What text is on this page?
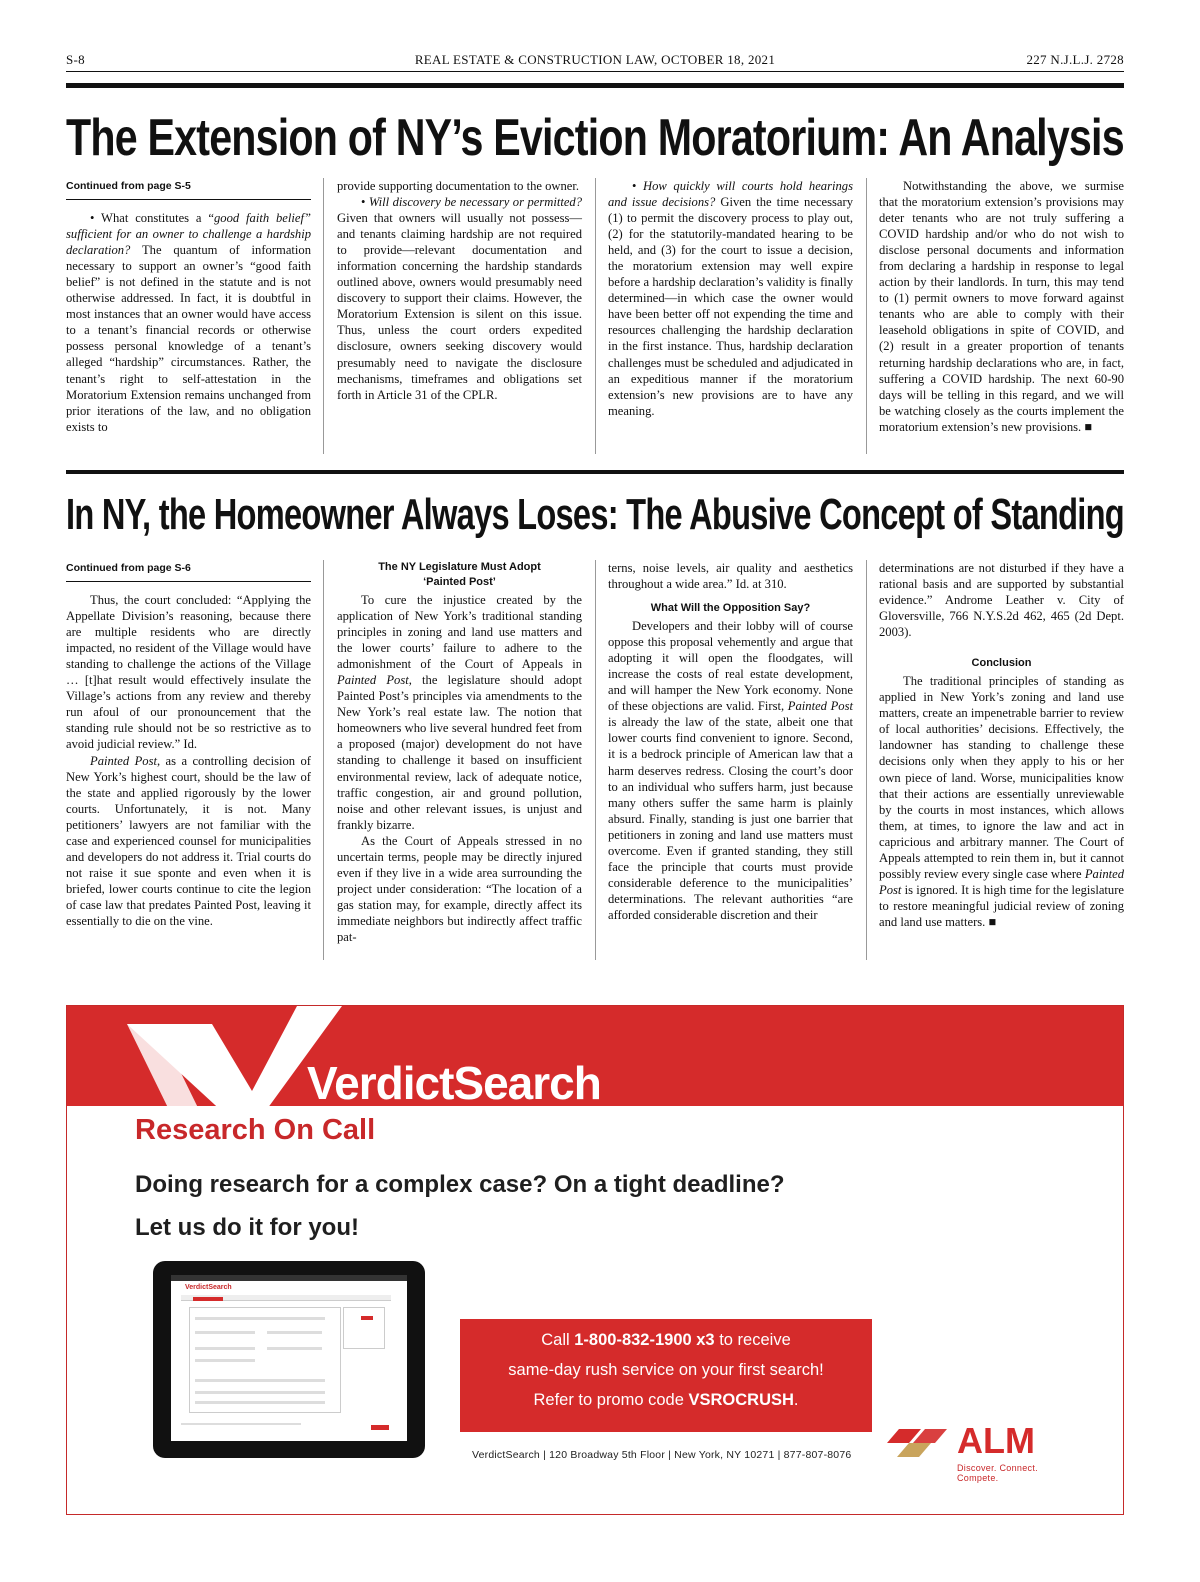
S-8	REAL ESTATE & CONSTRUCTION LAW, OCTOBER 18, 2021	227 N.J.L.J. 2728
The Extension of NY’s Eviction Moratorium: An Analysis
Continued from page S-5

• What constitutes a “good faith belief” sufficient for an owner to challenge a hardship declaration? The quantum of information necessary to support an owner’s “good faith belief” is not defined in the statute and is not otherwise addressed. In fact, it is doubtful in most instances that an owner would have access to a tenant’s financial records or otherwise possess personal knowledge of a tenant’s alleged “hardship” circumstances. Rather, the tenant’s right to self-attestation in the Moratorium Extension remains unchanged from prior iterations of the law, and no obligation exists to

provide supporting documentation to the owner.

• Will discovery be necessary or permitted? Given that owners will usually not possess—and tenants claiming hardship are not required to provide—relevant documentation and information concerning the hardship standards outlined above, owners would presumably need discovery to support their claims. However, the Moratorium Extension is silent on this issue. Thus, unless the court orders expedited disclosure, owners seeking discovery would presumably need to navigate the disclosure mechanisms, timeframes and obligations set forth in Article 31 of the CPLR.

• How quickly will courts hold hearings and issue decisions? Given the time necessary (1) to permit the discovery process to play out, (2) for the statutorily-mandated hearing to be held, and (3) for the court to issue a decision, the moratorium extension may well expire before a hardship declaration’s validity is finally determined—in which case the owner would have been better off not expending the time and resources challenging the hardship declaration in the first instance. Thus, hardship declaration challenges must be scheduled and adjudicated in an expeditious manner if the moratorium extension’s new provisions are to have any meaning.

Notwithstanding the above, we surmise that the moratorium extension’s provisions may deter tenants who are not truly suffering a COVID hardship and/or who do not wish to disclose personal documents and information from declaring a hardship in response to legal action by their landlords. In turn, this may tend to (1) permit owners to move forward against tenants who are able to comply with their leasehold obligations in spite of COVID, and (2) result in a greater proportion of tenants returning hardship declarations who are, in fact, suffering a COVID hardship. The next 60-90 days will be telling in this regard, and we will be watching closely as the courts implement the moratorium extension’s new provisions. ■

In NY, the Homeowner Always Loses: The Abusive Concept of Standing
Continued from page S-6

Thus, the court concluded: “Applying the Appellate Division’s reasoning, because there are multiple residents who are directly impacted, no resident of the Village would have standing to challenge the actions of the Village … [t]hat result would effectively insulate the Village’s actions from any review and thereby run afoul of our pronouncement that the standing rule should not be so restrictive as to avoid judicial review.” Id.

Painted Post, as a controlling decision of New York’s highest court, should be the law of the state and applied rigorously by the lower courts. Unfortunately, it is not. Many petitioners’ lawyers are not familiar with the case and experienced counsel for municipalities and developers do not address it. Trial courts do not raise it sue sponte and even when it is briefed, lower courts continue to cite the legion of case law that predates Painted Post, leaving it essentially to die on the vine.

The NY Legislature Must Adopt ‘Painted Post’

To cure the injustice created by the application of New York’s traditional standing principles in zoning and land use matters and the lower courts’ failure to adhere to the admonishment of the Court of Appeals in Painted Post, the legislature should adopt Painted Post’s principles via amendments to the New York’s real estate law. The notion that homeowners who live several hundred feet from a proposed (major) development do not have standing to challenge it based on insufficient environmental review, lack of adequate notice, traffic congestion, air and ground pollution, noise and other relevant issues, is unjust and frankly bizarre.

As the Court of Appeals stressed in no uncertain terms, people may be directly injured even if they live in a wide area surrounding the project under consideration: “The location of a gas station may, for example, directly affect its immediate neighbors but indirectly affect traffic pat-

terns, noise levels, air quality and aesthetics throughout a wide area.” Id. at 310.

What Will the Opposition Say?

Developers and their lobby will of course oppose this proposal vehemently and argue that adopting it will open the floodgates, will increase the costs of real estate development, and will hamper the New York economy. None of these objections are valid. First, Painted Post is already the law of the state, albeit one that lower courts find convenient to ignore. Second, it is a bedrock principle of American law that a harm deserves redress. Closing the court’s door to an individual who suffers harm, just because many others suffer the same harm is plainly absurd. Finally, standing is just one barrier that petitioners in zoning and land use matters must overcome. Even if granted standing, they still face the principle that courts must provide considerable deference to the municipalities’ determinations. The relevant authorities “are afforded considerable discretion and their

determinations are not disturbed if they have a rational basis and are supported by substantial evidence.” Androme Leather v. City of Gloversville, 766 N.Y.S.2d 462, 465 (2d Dept. 2003).

Conclusion

The traditional principles of standing as applied in New York’s zoning and land use matters, create an impenetrable barrier to review of local authorities’ decisions. Effectively, the landowner has standing to challenge these decisions only when they apply to his or her own piece of land. Worse, municipalities know that their actions are essentially unreviewable by the courts in most instances, which allows them, at times, to ignore the law and act in capricious and arbitrary manner. The Court of Appeals attempted to rein them in, but it cannot possibly review every single case where Painted Post is ignored. It is high time for the legislature to restore meaningful judicial review of zoning and land use matters. ■

VerdictSearch
Research On Call
Doing research for a complex case? On a tight deadline?
Let us do it for you!
VerdictSearch
Call 1-800-832-1900 x3 to receive
same-day rush service on your first search!
Refer to promo code VSROCRUSH.
VerdictSearch | 120 Broadway 5th Floor | New York, NY 10271 | 877-807-8076	ALM
Discover. Connect. Compete.
